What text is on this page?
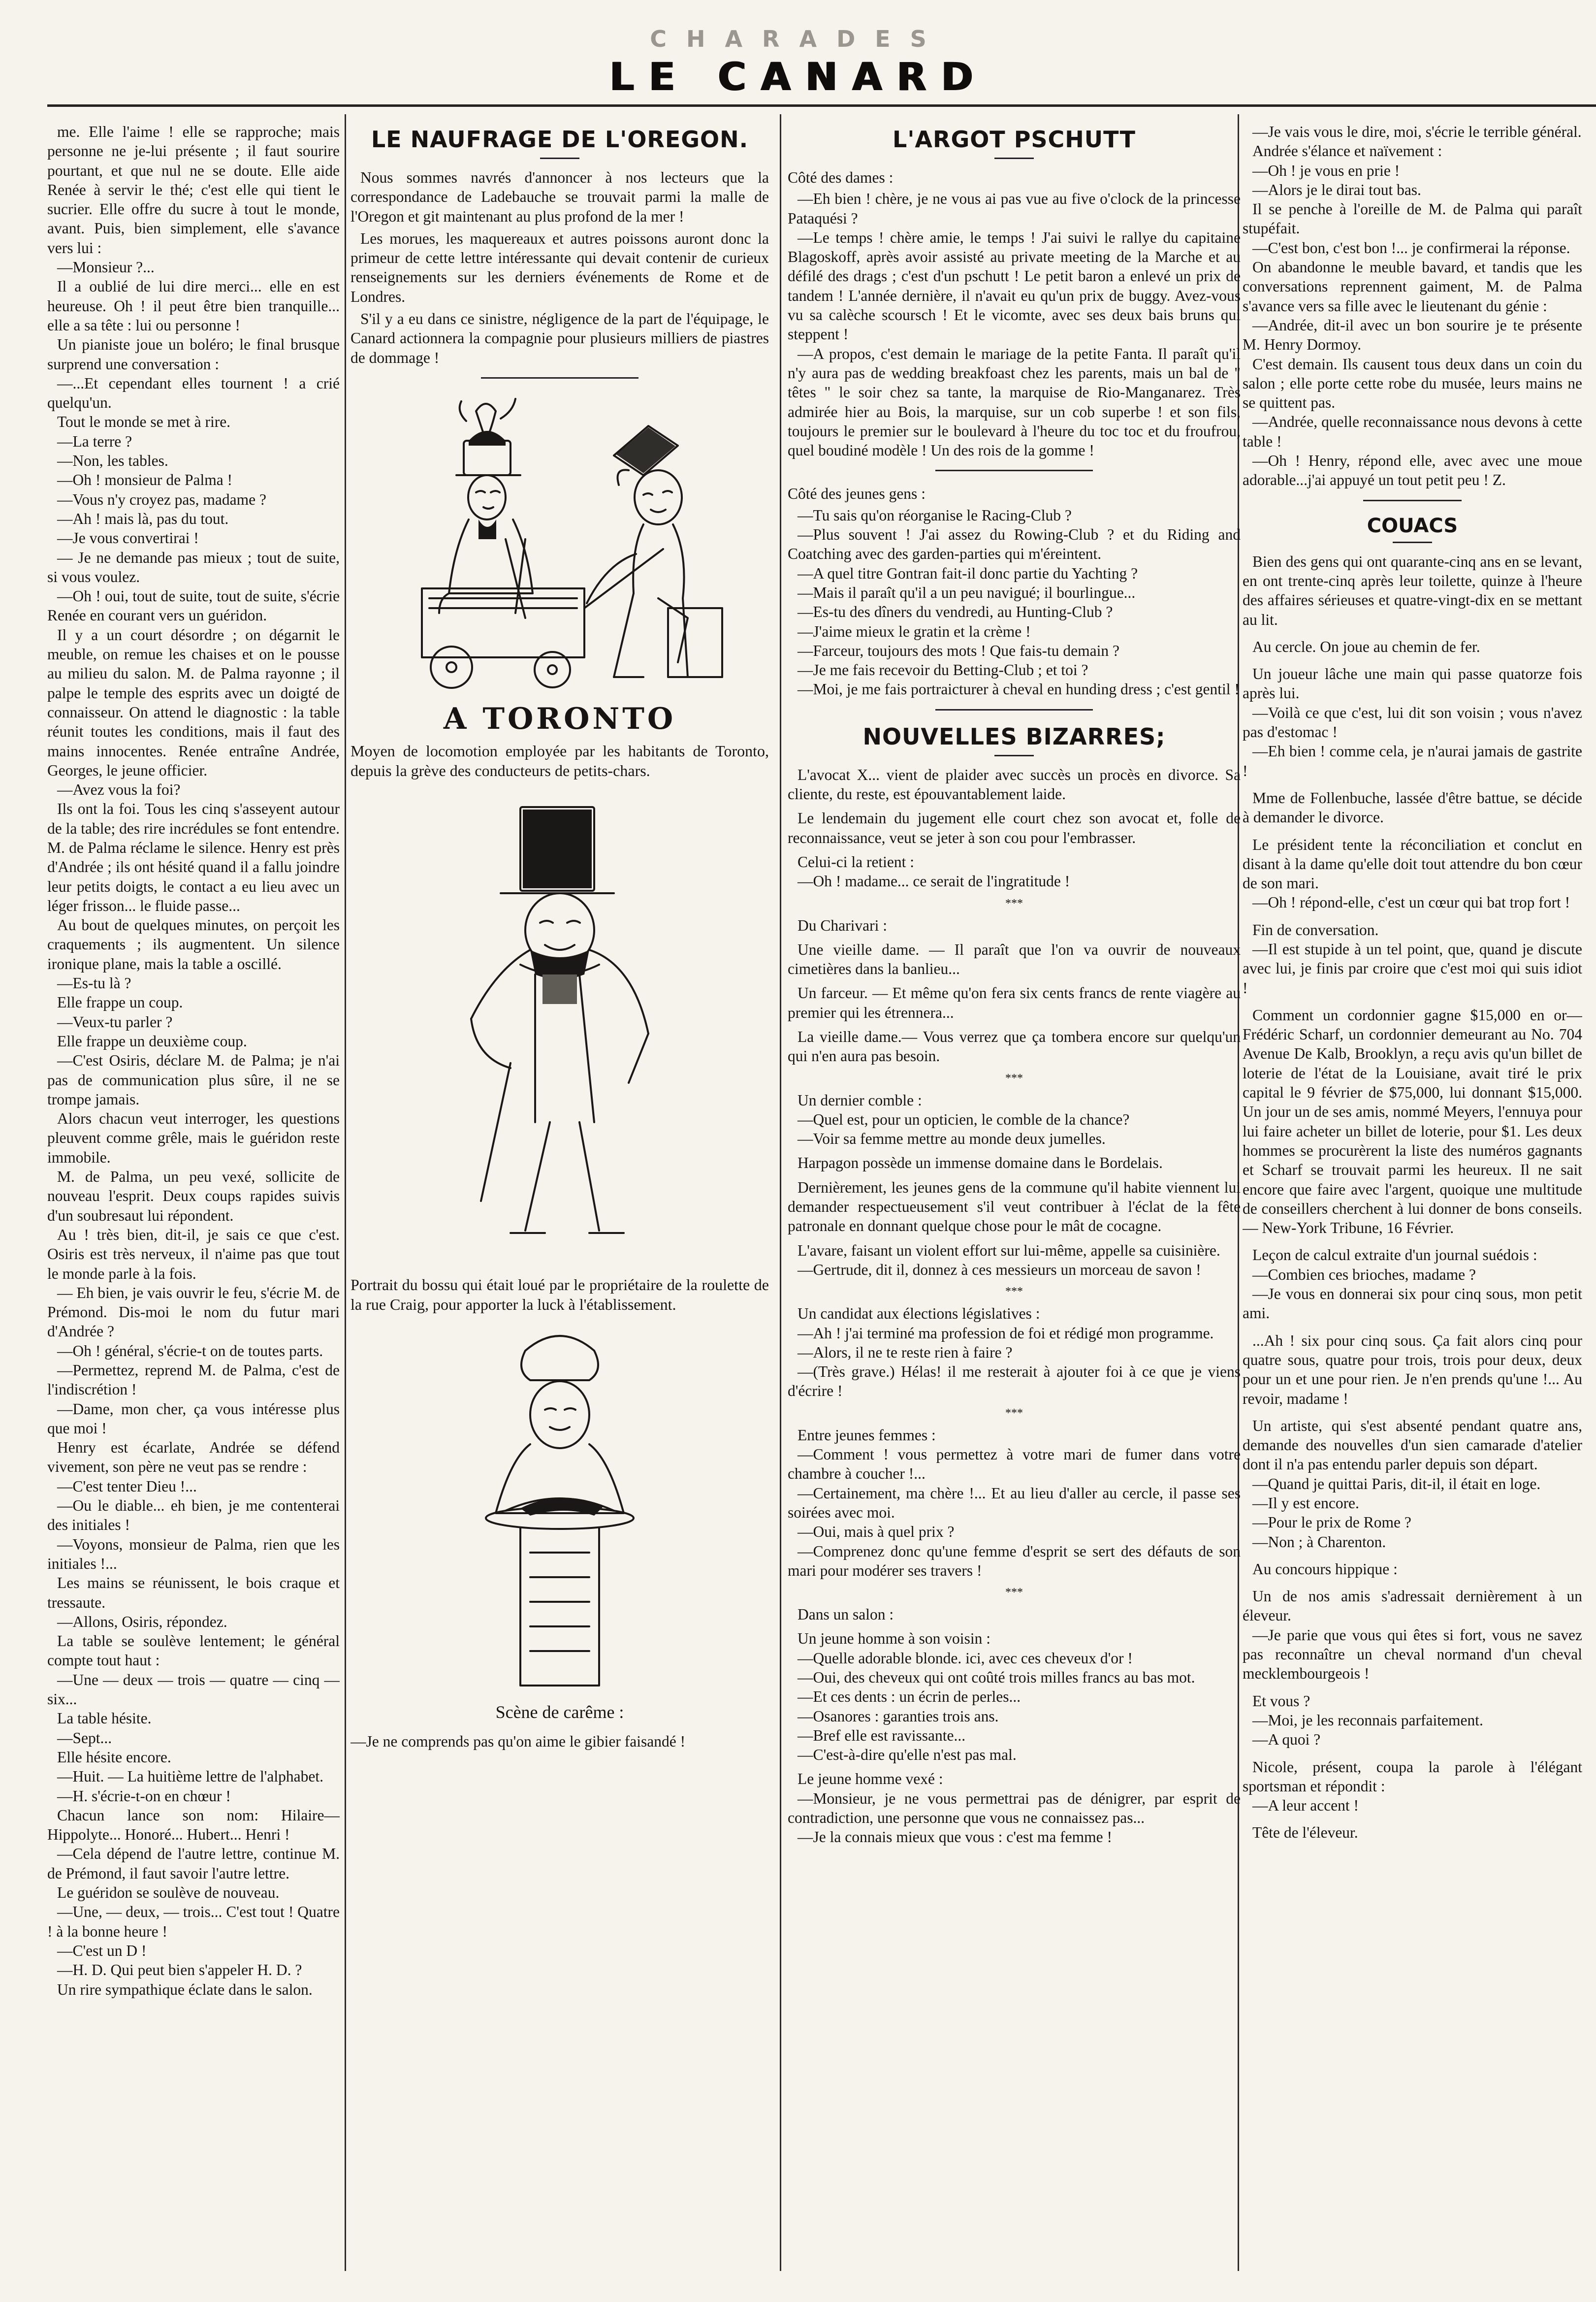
CHARADES
LE CANARD

me. Elle l'aime ! elle se rapproche; mais personne ne je-lui présente ; il faut sourire pourtant, et que nul ne se doute. Elle aide Renée à servir le thé; c'est elle qui tient le sucrier. Elle offre du sucre à tout le monde, avant. Puis, bien simplement, elle s'avance vers lui :

—Monsieur ?...

Il a oublié de lui dire merci... elle en est heureuse. Oh ! il peut être bien tranquille... elle a sa tête : lui ou personne !

Un pianiste joue un boléro; le final brusque surprend une conversation :

—...Et cependant elles tournent ! a crié quelqu'un.

Tout le monde se met à rire.

—La terre ?

—Non, les tables.

—Oh ! monsieur de Palma !

—Vous n'y croyez pas, madame ?

—Ah ! mais là, pas du tout.

—Je vous convertirai !

— Je ne demande pas mieux ; tout de suite, si vous voulez.

—Oh ! oui, tout de suite, tout de suite, s'écrie Renée en courant vers un guéridon.

Il y a un court désordre ; on dégarnit le meuble, on remue les chaises et on le pousse au milieu du salon. M. de Palma rayonne ; il palpe le temple des esprits avec un doigté de connaisseur. On attend le diagnostic : la table réunit toutes les conditions, mais il faut des mains innocentes. Renée entraîne Andrée, Georges, le jeune officier.

—Avez vous la foi?

Ils ont la foi. Tous les cinq s'asseyent autour de la table; des rire incrédules se font entendre. M. de Palma réclame le silence. Henry est près d'Andrée ; ils ont hésité quand il a fallu joindre leur petits doigts, le contact a eu lieu avec un léger frisson... le fluide passe...

Au bout de quelques minutes, on perçoit les craquements ; ils augmentent. Un silence ironique plane, mais la table a oscillé.

—Es-tu là ?

Elle frappe un coup.

—Veux-tu parler ?

Elle frappe un deuxième coup.

—C'est Osiris, déclare M. de Palma; je n'ai pas de communication plus sûre, il ne se trompe jamais.

Alors chacun veut interroger, les questions pleuvent comme grêle, mais le guéridon reste immobile.

M. de Palma, un peu vexé, sollicite de nouveau l'esprit. Deux coups rapides suivis d'un soubresaut lui répondent.

Au ! très bien, dit-il, je sais ce que c'est. Osiris est très nerveux, il n'aime pas que tout le monde parle à la fois.

— Eh bien, je vais ouvrir le feu, s'écrie M. de Prémond. Dis-moi le nom du futur mari d'Andrée ?

—Oh ! général, s'écrie-t on de toutes parts.

—Permettez, reprend M. de Palma, c'est de l'indiscrétion !

—Dame, mon cher, ça vous intéresse plus que moi !

Henry est écarlate, Andrée se défend vivement, son père ne veut pas se rendre :

—C'est tenter Dieu !...

—Ou le diable... eh bien, je me contenterai des initiales !

—Voyons, monsieur de Palma, rien que les initiales !...

Les mains se réunissent, le bois craque et tressaute.

—Allons, Osiris, répondez.

La table se soulève lentement; le général compte tout haut :

—Une — deux — trois — quatre — cinq — six...

La table hésite.

—Sept...

Elle hésite encore.

—Huit. — La huitième lettre de l'alphabet.

—H. s'écrie-t-on en chœur !

Chacun lance son nom: Hilaire— Hippolyte... Honoré... Hubert... Henri !

—Cela dépend de l'autre lettre, continue M. de Prémond, il faut savoir l'autre lettre.

Le guéridon se soulève de nouveau.

—Une, — deux, — trois... C'est tout ! Quatre ! à la bonne heure !

—C'est un D !

—H. D. Qui peut bien s'appeler H. D. ?

Un rire sympathique éclate dans le salon.

LE NAUFRAGE DE L'OREGON.

Nous sommes navrés d'annoncer à nos lecteurs que la correspondance de Ladebauche se trouvait parmi la malle de l'Oregon et git maintenant au plus profond de la mer !

Les morues, les maquereaux et autres poissons auront donc la primeur de cette lettre intéressante qui devait contenir de curieux renseignements sur les derniers événements de Rome et de Londres.

S'il y a eu dans ce sinistre, négligence de la part de l'équipage, le Canard actionnera la compagnie pour plusieurs milliers de piastres de dommage !

A TORONTO

Moyen de locomotion employée par les habitants de Toronto, depuis la grève des conducteurs de petits-chars.

Portrait du bossu qui était loué par le propriétaire de la roulette de la rue Craig, pour apporter la luck à l'établissement.

Scène de carême :

—Je ne comprends pas qu'on aime le gibier faisandé !

L'ARGOT PSCHUTT

Côté des dames :

—Eh bien ! chère, je ne vous ai pas vue au five o'clock de la princesse Pataquési ?

—Le temps ! chère amie, le temps ! J'ai suivi le rallye du capitaine Blagoskoff, après avoir assisté au private meeting de la Marche et au défilé des drags ; c'est d'un pschutt ! Le petit baron a enlevé un prix de tandem ! L'année dernière, il n'avait eu qu'un prix de buggy. Avez-vous vu sa calèche scoursch ! Et le vicomte, avec ses deux bais bruns qui steppent !

—A propos, c'est demain le mariage de la petite Fanta. Il paraît qu'il n'y aura pas de wedding breakfoast chez les parents, mais un bal de " têtes " le soir chez sa tante, la marquise de Rio-Manganarez. Très admirée hier au Bois, la marquise, sur un cob superbe ! et son fils, toujours le premier sur le boulevard à l'heure du toc toc et du froufrou, quel boudiné modèle ! Un des rois de la gomme !

Côté des jeunes gens :

—Tu sais qu'on réorganise le Racing-Club ?

—Plus souvent ! J'ai assez du Rowing-Club ? et du Riding and Coatching avec des garden-parties qui m'éreintent.

—A quel titre Gontran fait-il donc partie du Yachting ?

—Mais il paraît qu'il a un peu navigué; il bourlingue...

—Es-tu des dîners du vendredi, au Hunting-Club ?

—J'aime mieux le gratin et la crème !

—Farceur, toujours des mots ! Que fais-tu demain ?

—Je me fais recevoir du Betting-Club ; et toi ?

—Moi, je me fais portraicturer à cheval en hunding dress ; c'est gentil !

NOUVELLES BIZARRES;

L'avocat X... vient de plaider avec succès un procès en divorce. Sa cliente, du reste, est épouvantablement laide.

Le lendemain du jugement elle court chez son avocat et, folle de reconnaissance, veut se jeter à son cou pour l'embrasser.

Celui-ci la retient :

—Oh ! madame... ce serait de l'ingratitude !

***

Du Charivari :

Une vieille dame. — Il paraît que l'on va ouvrir de nouveaux cimetières dans la banlieu...

Un farceur. — Et même qu'on fera six cents francs de rente viagère au premier qui les étrennera...

La vieille dame.— Vous verrez que ça tombera encore sur quelqu'un qui n'en aura pas besoin.

***

Un dernier comble :

—Quel est, pour un opticien, le comble de la chance?

—Voir sa femme mettre au monde deux jumelles.

Harpagon possède un immense domaine dans le Bordelais.

Dernièrement, les jeunes gens de la commune qu'il habite viennent lui demander respectueusement s'il veut contribuer à l'éclat de la fête patronale en donnant quelque chose pour le mât de cocagne.

L'avare, faisant un violent effort sur lui-même, appelle sa cuisinière.

—Gertrude, dit il, donnez à ces messieurs un morceau de savon !

***

Un candidat aux élections législatives :

—Ah ! j'ai terminé ma profession de foi et rédigé mon programme.

—Alors, il ne te reste rien à faire ?

—(Très grave.) Hélas! il me resterait à ajouter foi à ce que je viens d'écrire !

***

Entre jeunes femmes :

—Comment ! vous permettez à votre mari de fumer dans votre chambre à coucher !...

—Certainement, ma chère !... Et au lieu d'aller au cercle, il passe ses soirées avec moi.

—Oui, mais à quel prix ?

—Comprenez donc qu'une femme d'esprit se sert des défauts de son mari pour modérer ses travers !

***

Dans un salon :

Un jeune homme à son voisin :

—Quelle adorable blonde. ici, avec ces cheveux d'or !

—Oui, des cheveux qui ont coûté trois milles francs au bas mot.

—Et ces dents : un écrin de perles...

—Osanores : garanties trois ans.

—Bref elle est ravissante...

—C'est-à-dire qu'elle n'est pas mal.

Le jeune homme vexé :

—Monsieur, je ne vous permettrai pas de dénigrer, par esprit de contradiction, une personne que vous ne connaissez pas...

—Je la connais mieux que vous : c'est ma femme !

—Je vais vous le dire, moi, s'écrie le terrible général.

Andrée s'élance et naïvement :

—Oh ! je vous en prie !

—Alors je le dirai tout bas.

Il se penche à l'oreille de M. de Palma qui paraît stupéfait.

—C'est bon, c'est bon !... je confirmerai la réponse.

On abandonne le meuble bavard, et tandis que les conversations reprennent gaiment, M. de Palma s'avance vers sa fille avec le lieutenant du génie :

—Andrée, dit-il avec un bon sourire je te présente M. Henry Dormoy.

C'est demain. Ils causent tous deux dans un coin du salon ; elle porte cette robe du musée, leurs mains ne se quittent pas.

—Andrée, quelle reconnaissance nous devons à cette table !

—Oh ! Henry, répond elle, avec avec une moue adorable...j'ai appuyé un tout petit peu ! Z.

COUACS

Bien des gens qui ont quarante-cinq ans en se levant, en ont trente-cinq après leur toilette, quinze à l'heure des affaires sérieuses et quatre-vingt-dix en se mettant au lit.

Au cercle. On joue au chemin de fer.

Un joueur lâche une main qui passe quatorze fois après lui.

—Voilà ce que c'est, lui dit son voisin ; vous n'avez pas d'estomac !

—Eh bien ! comme cela, je n'aurai jamais de gastrite !

Mme de Follenbuche, lassée d'être battue, se décide à demander le divorce.

Le président tente la réconciliation et conclut en disant à la dame qu'elle doit tout attendre du bon cœur de son mari.

—Oh ! répond-elle, c'est un cœur qui bat trop fort !

Fin de conversation.

—Il est stupide à un tel point, que, quand je discute avec lui, je finis par croire que c'est moi qui suis idiot !

Comment un cordonnier gagne $15,000 en or— Frédéric Scharf, un cordonnier demeurant au No. 704 Avenue De Kalb, Brooklyn, a reçu avis qu'un billet de loterie de l'état de la Louisiane, avait tiré le prix capital le 9 février de $75,000, lui donnant $15,000. Un jour un de ses amis, nommé Meyers, l'ennuya pour lui faire acheter un billet de loterie, pour $1. Les deux hommes se procurèrent la liste des numéros gagnants et Scharf se trouvait parmi les heureux. Il ne sait encore que faire avec l'argent, quoique une multitude de conseillers cherchent à lui donner de bons conseils. — New-York Tribune, 16 Février.

Leçon de calcul extraite d'un journal suédois :

—Combien ces brioches, madame ?

—Je vous en donnerai six pour cinq sous, mon petit ami.

...Ah ! six pour cinq sous. Ça fait alors cinq pour quatre sous, quatre pour trois, trois pour deux, deux pour un et une pour rien. Je n'en prends qu'une !... Au revoir, madame !

Un artiste, qui s'est absenté pendant quatre ans, demande des nouvelles d'un sien camarade d'atelier dont il n'a pas entendu parler depuis son départ.

—Quand je quittai Paris, dit-il, il était en loge.

—Il y est encore.

—Pour le prix de Rome ?

—Non ; à Charenton.

Au concours hippique :

Un de nos amis s'adressait dernièrement à un éleveur.

—Je parie que vous qui êtes si fort, vous ne savez pas reconnaître un cheval normand d'un cheval mecklembourgeois !

Et vous ?

—Moi, je les reconnais parfaitement.

—A quoi ?

Nicole, présent, coupa la parole à l'élégant sportsman et répondit :

—A leur accent !

Tête de l'éleveur.
